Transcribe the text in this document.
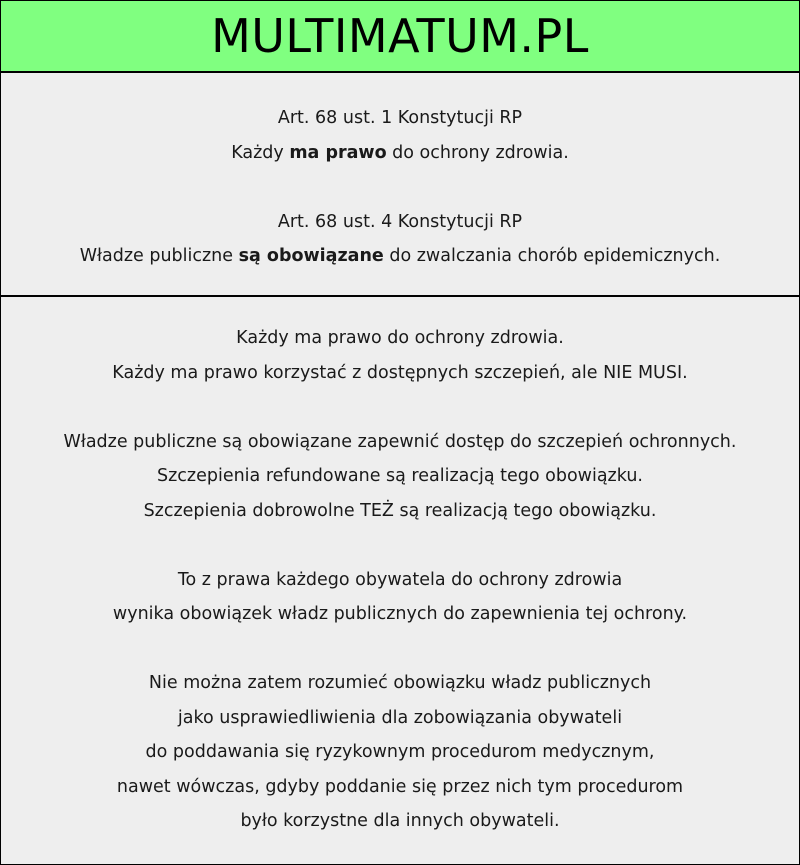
MULTIMATUM.PL
Art. 68 ust. 1 Konstytucji RP
Każdy ma prawo do ochrony zdrowia.
Art. 68 ust. 4 Konstytucji RP
Władze publiczne są obowiązane do zwalczania chorób epidemicznych.
Każdy ma prawo do ochrony zdrowia.
Każdy ma prawo korzystać z dostępnych szczepień, ale NIE MUSI.
Władze publiczne są obowiązane zapewnić dostęp do szczepień ochronnych.
Szczepienia refundowane są realizacją tego obowiązku.
Szczepienia dobrowolne TEŻ są realizacją tego obowiązku.
To z prawa każdego obywatela do ochrony zdrowia
wynika obowiązek władz publicznych do zapewnienia tej ochrony.
Nie można zatem rozumieć obowiązku władz publicznych
jako usprawiedliwienia dla zobowiązania obywateli
do poddawania się ryzykownym procedurom medycznym,
nawet wówczas, gdyby poddanie się przez nich tym procedurom
było korzystne dla innych obywateli.
